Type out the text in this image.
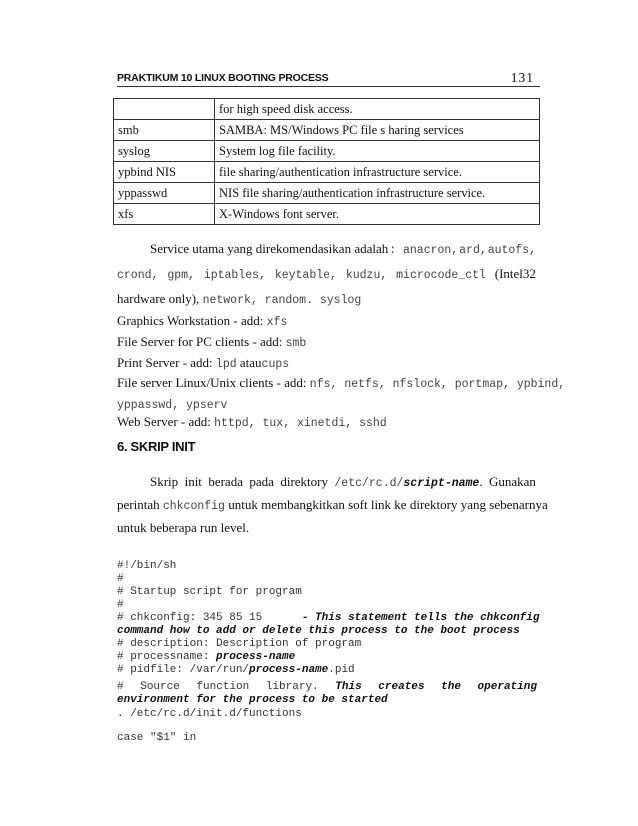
PRAKTIKUM 10 LINUX BOOTING PROCESS	131
	for high speed disk access.
smb	SAMBA: MS/Windows PC file s haring services
syslog	System log file facility.
ypbind NIS	file sharing/authentication infrastructure service.
yppasswd	NIS file sharing/authentication infrastructure service.
xfs	X-Windows font server.
Service utama yang direkomendasikan adalah : anacron, ard, autofs,
crond, gpm, iptables, keytable, kudzu, microcode_ctl (Intel32
hardware only), network, random. syslog
Graphics Workstation - add: xfs
File Server for PC clients - add: smb
Print Server - add: lpd ataucups
File server Linux/Unix clients - add: nfs, netfs, nfslock, portmap, ypbind,
yppasswd, ypserv
Web Server - add: httpd, tux, xinetdi, sshd
6. SKRIP INIT
Skrip init berada pada direktory /etc/rc.d/script-name. Gunakan
perintah chkconfig untuk membangkitkan soft link ke direktory yang sebenarnya
untuk beberapa run level.
#!/bin/sh
#
# Startup script for program
#
# chkconfig: 345 85 15      - This statement tells the chkconfig
command how to add or delete this process to the boot process
# description: Description of program
# processname: process-name
# pidfile: /var/run/process-name.pid
# Source function library. This creates the operating
environment for the process to be started
. /etc/rc.d/init.d/functions
case "$1" in
